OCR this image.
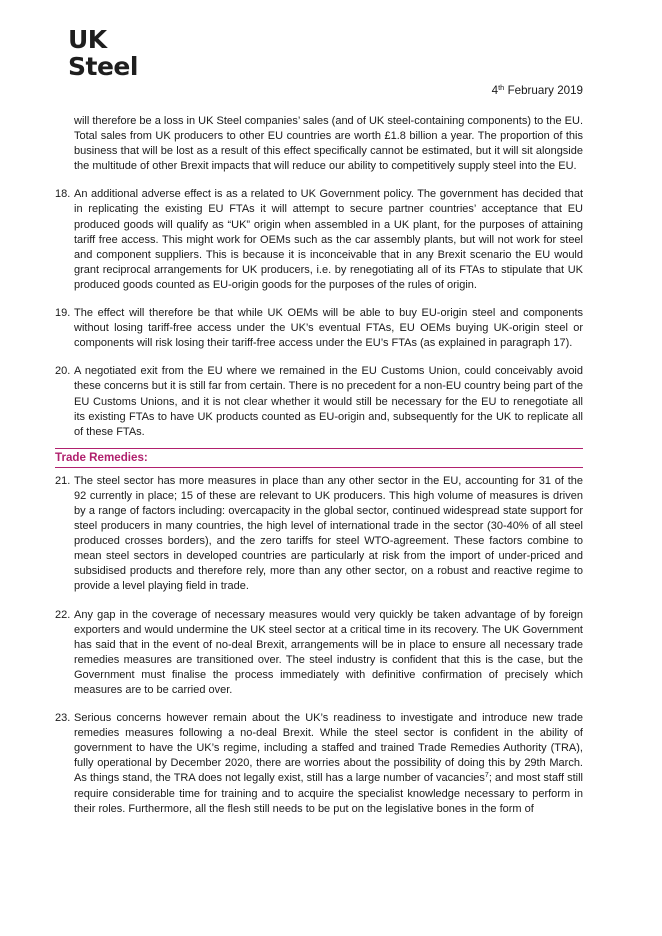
UK
Steel
4th February 2019

will therefore be a loss in UK Steel companies’ sales (and of UK steel-containing components) to the EU. Total sales from UK producers to other EU countries are worth £1.8 billion a year. The proportion of this business that will be lost as a result of this effect specifically cannot be estimated, but it will sit alongside the multitude of other Brexit impacts that will reduce our ability to competitively supply steel into the EU.

18. An additional adverse effect is as a related to UK Government policy. The government has decided that in replicating the existing EU FTAs it will attempt to secure partner countries’ acceptance that EU produced goods will qualify as “UK” origin when assembled in a UK plant, for the purposes of attaining tariff free access. This might work for OEMs such as the car assembly plants, but will not work for steel and component suppliers. This is because it is inconceivable that in any Brexit scenario the EU would grant reciprocal arrangements for UK producers, i.e. by renegotiating all of its FTAs to stipulate that UK produced goods counted as EU-origin goods for the purposes of the rules of origin.
19. The effect will therefore be that while UK OEMs will be able to buy EU-origin steel and components without losing tariff-free access under the UK’s eventual FTAs, EU OEMs buying UK-origin steel or components will risk losing their tariff-free access under the EU’s FTAs (as explained in paragraph 17).
20. A negotiated exit from the EU where we remained in the EU Customs Union, could conceivably avoid these concerns but it is still far from certain. There is no precedent for a non-EU country being part of the EU Customs Unions, and it is not clear whether it would still be necessary for the EU to renegotiate all its existing FTAs to have UK products counted as EU-origin and, subsequently for the UK to replicate all of these FTAs.
Trade Remedies:
21. The steel sector has more measures in place than any other sector in the EU, accounting for 31 of the 92 currently in place; 15 of these are relevant to UK producers. This high volume of measures is driven by a range of factors including: overcapacity in the global sector, continued widespread state support for steel producers in many countries, the high level of international trade in the sector (30-40% of all steel produced crosses borders), and the zero tariffs for steel WTO-agreement. These factors combine to mean steel sectors in developed countries are particularly at risk from the import of under-priced and subsidised products and therefore rely, more than any other sector, on a robust and reactive regime to provide a level playing field in trade.
22. Any gap in the coverage of necessary measures would very quickly be taken advantage of by foreign exporters and would undermine the UK steel sector at a critical time in its recovery. The UK Government has said that in the event of no-deal Brexit, arrangements will be in place to ensure all necessary trade remedies measures are transitioned over. The steel industry is confident that this is the case, but the Government must finalise the process immediately with definitive confirmation of precisely which measures are to be carried over.
23. Serious concerns however remain about the UK’s readiness to investigate and introduce new trade remedies measures following a no-deal Brexit. While the steel sector is confident in the ability of government to have the UK’s regime, including a staffed and trained Trade Remedies Authority (TRA), fully operational by December 2020, there are worries about the possibility of doing this by 29th March. As things stand, the TRA does not legally exist, still has a large number of vacancies$^7$; and most staff still require considerable time for training and to acquire the specialist knowledge necessary to perform in their roles. Furthermore, all the flesh still needs to be put on the legislative bones in the form of
